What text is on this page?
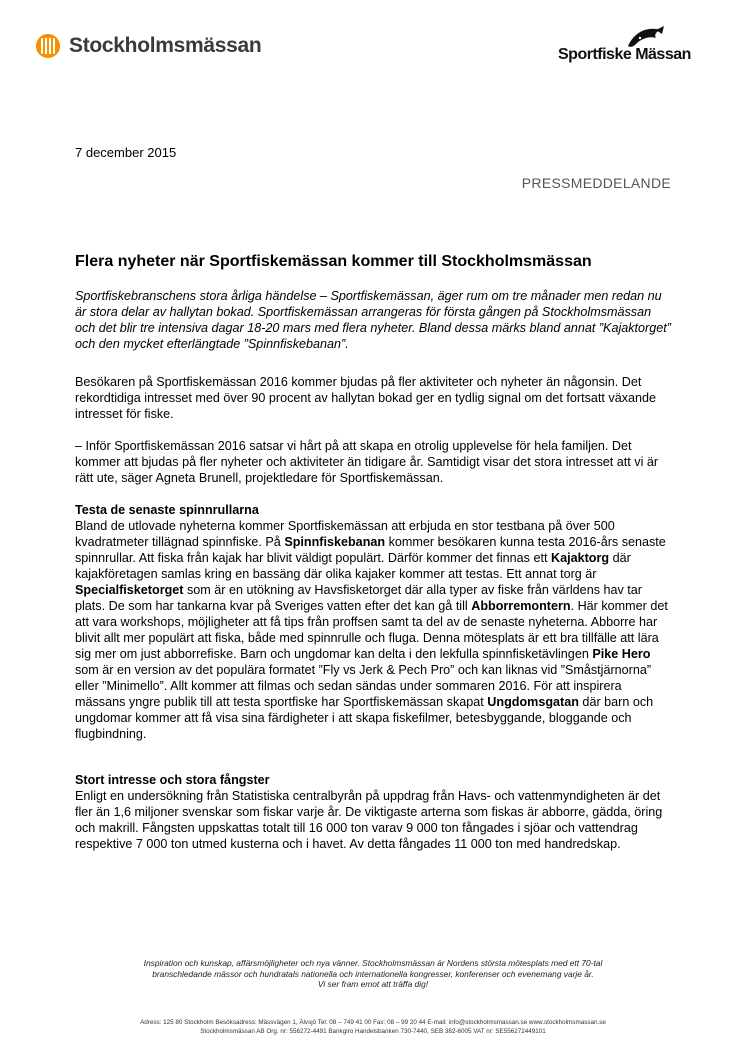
Stockholmsmässan	Sportfiske Mässan
7 december 2015
PRESSMEDDELANDE
Flera nyheter när Sportfiskemässan kommer till Stockholmsmässan

Sportfiskebranschens stora årliga händelse – Sportfiskemässan, äger rum om tre månader men redan nu är stora delar av hallytan bokad. Sportfiskemässan arrangeras för första gången på Stockholmsmässan och det blir tre intensiva dagar 18-20 mars med flera nyheter. Bland dessa märks bland annat ”Kajaktorget” och den mycket efterlängtade ”Spinnfiskebanan”.

Besökaren på Sportfiskemässan 2016 kommer bjudas på fler aktiviteter och nyheter än någonsin. Det rekordtidiga intresset med över 90 procent av hallytan bokad ger en tydlig signal om det fortsatt växande intresset för fiske.

– Inför Sportfiskemässan 2016 satsar vi hårt på att skapa en otrolig upplevelse för hela familjen. Det kommer att bjudas på fler nyheter och aktiviteter än tidigare år. Samtidigt visar det stora intresset att vi är rätt ute, säger Agneta Brunell, projektledare för Sportfiskemässan.

Testa de senaste spinnrullarna

Bland de utlovade nyheterna kommer Sportfiskemässan att erbjuda en stor testbana på över 500 kvadratmeter tillägnad spinnfiske. På Spinnfiskebanan kommer besökaren kunna testa 2016-års senaste spinnrullar. Att fiska från kajak har blivit väldigt populärt. Därför kommer det finnas ett Kajaktorg där kajakföretagen samlas kring en bassäng där olika kajaker kommer att testas. Ett annat torg är Specialfisketorget som är en utökning av Havsfisketorget där alla typer av fiske från världens hav tar plats. De som har tankarna kvar på Sveriges vatten efter det kan gå till Abborremontern. Här kommer det att vara workshops, möjligheter att få tips från proffsen samt ta del av de senaste nyheterna. Abborre har blivit allt mer populärt att fiska, både med spinnrulle och fluga. Denna mötesplats är ett bra tillfälle att lära sig mer om just abborrefiske. Barn och ungdomar kan delta i den lekfulla spinnfisketävlingen Pike Hero som är en version av det populära formatet ”Fly vs Jerk & Pech Pro” och kan liknas vid ”Småstjärnorna” eller ”Minimello”. Allt kommer att filmas och sedan sändas under sommaren 2016. För att inspirera mässans yngre publik till att testa sportfiske har Sportfiskemässan skapat Ungdomsgatan där barn och ungdomar kommer att få visa sina färdigheter i att skapa fiskefilmer, betesbyggande, bloggande och flugbindning.

Stort intresse och stora fångster

Enligt en undersökning från Statistiska centralbyrån på uppdrag från Havs- och vattenmyndigheten är det fler än 1,6 miljoner svenskar som fiskar varje år. De viktigaste arterna som fiskas är abborre, gädda, öring och makrill. Fångsten uppskattas totalt till 16 000 ton varav 9 000 ton fångades i sjöar och vattendrag respektive 7 000 ton utmed kusterna och i havet. Av detta fångades 11 000 ton med handredskap.

Inspiration och kunskap, affärsmöjligheter och nya vänner. Stockholmsmässan är Nordens största mötesplats med ett 70-tal
branschledande mässor och hundratals nationella och internationella kongresser, konferenser och evenemang varje år.
Vi ser fram emot att träffa dig!
Adress: 125 80 Stockholm Besöksadress: Mässvägen 1, Älvsjö Tel: 08 – 749 41 00 Fax: 08 – 99 20 44 E-mail: info@stockholmsmassan.se www.stockholmsmassan.se
Stockholmsmässan AB Org. nr: 556272-4491 Bankgiro Handelsbanken 730-7440, SEB 382-6005 VAT nr: SE556272449101
